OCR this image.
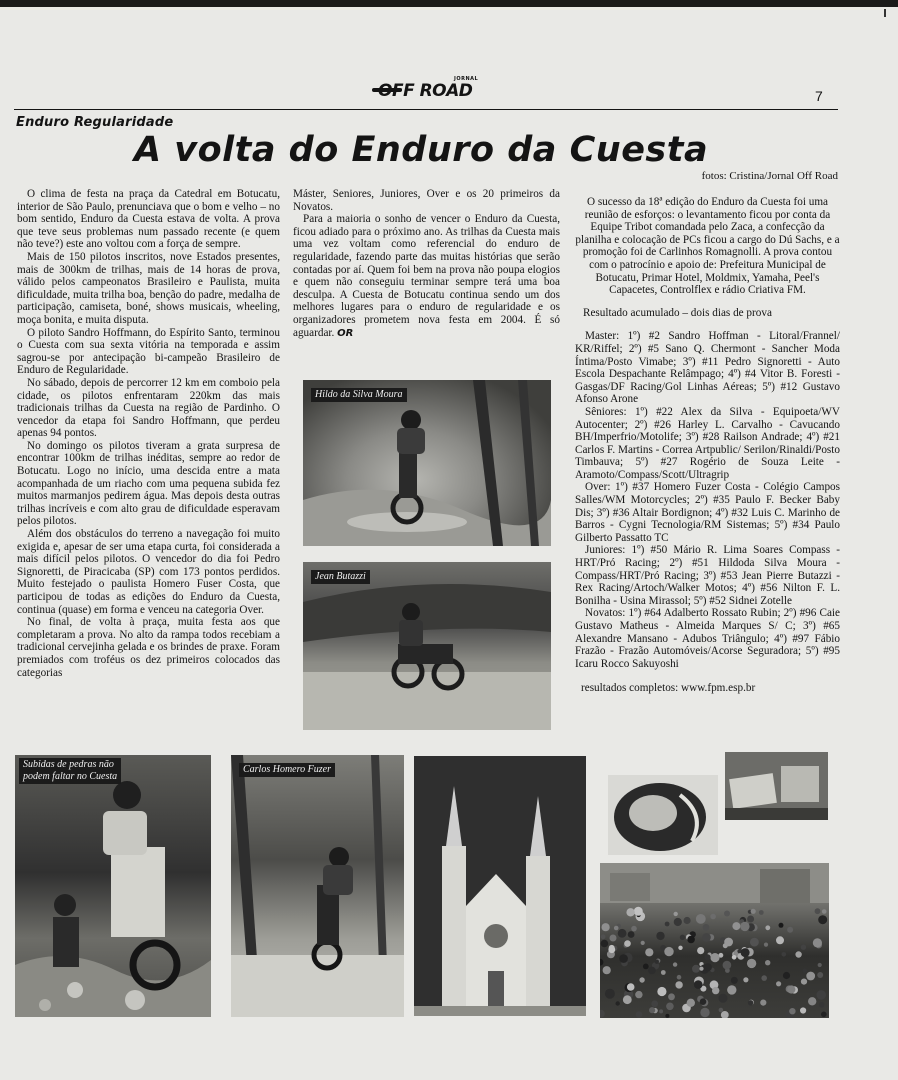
OFF ROAD
JORNAL
7
Enduro Regularidade
A volta do Enduro da Cuesta
fotos: Cristina/Jornal Off Road

O clima de festa na praça da Catedral em Botucatu, interior de São Paulo, prenunciava que o bom e velho – no bom sentido, Enduro da Cuesta estava de volta. A prova que teve seus problemas num passado recente (e quem não teve?) este ano voltou com a força de sempre.

Mais de 150 pilotos inscritos, nove Estados presentes, mais de 300km de trilhas, mais de 14 horas de prova, válido pelos campeonatos Brasileiro e Paulista, muita dificuldade, muita trilha boa, benção do padre, medalha de participação, camiseta, boné, shows musicais, wheeling, moça bonita, e muita disputa.

O piloto Sandro Hoffmann, do Espírito Santo, terminou o Cuesta com sua sexta vitória na temporada e assim sagrou-se por antecipação bi-campeão Brasileiro de Enduro de Regularidade.

No sábado, depois de percorrer 12 km em comboio pela cidade, os pilotos enfrentaram 220km das mais tradicionais trilhas da Cuesta na região de Pardinho. O vencedor da etapa foi Sandro Hoffmann, que perdeu apenas 94 pontos.

No domingo os pilotos tiveram a grata surpresa de encontrar 100km de trilhas inéditas, sempre ao redor de Botucatu. Logo no início, uma descida entre a mata acompanhada de um riacho com uma pequena subida fez muitos marmanjos pedirem água. Mas depois desta outras trilhas incríveis e com alto grau de dificuldade esperavam pelos pilotos.

Além dos obstáculos do terreno a navegação foi muito exigida e, apesar de ser uma etapa curta, foi considerada a mais difícil pelos pilotos. O vencedor do dia foi Pedro Signoretti, de Piracicaba (SP) com 173 pontos perdidos. Muito festejado o paulista Homero Fuser Costa, que participou de todas as edições do Enduro da Cuesta, continua (quase) em forma e venceu na categoria Over.

No final, de volta à praça, muita festa aos que completaram a prova. No alto da rampa todos recebiam a tradicional cervejinha gelada e os brindes de praxe. Foram premiados com troféus os dez primeiros colocados das categorias

Máster, Seniores, Juniores, Over e os 20 primeiros da Novatos.

Para a maioria o sonho de vencer o Enduro da Cuesta, ficou adiado para o próximo ano. As trilhas da Cuesta mais uma vez voltam como referencial do enduro de regularidade, fazendo parte das muitas histórias que serão contadas por aí. Quem foi bem na prova não poupa elogios e quem não conseguiu terminar sempre terá uma boa desculpa. A Cuesta de Botucatu continua sendo um dos melhores lugares para o enduro de regularidade e os organizadores prometem nova festa em 2004. É só aguardar. OR

O sucesso da 18ª edição do Enduro da Cuesta foi uma reunião de esforços: o levantamento ficou por conta da Equipe Tribot comandada pelo Zaca, a confecção da planilha e colocação de PCs ficou a cargo do Dú Sachs, e a promoção foi de Carlinhos Romagnolli. A prova contou com o patrocínio e apoio de: Prefeitura Municipal de Botucatu, Primar Hotel, Moldmix, Yamaha, Peel's Capacetes, Controlflex e rádio Criativa FM.

Resultado acumulado – dois dias de prova

Master: 1º) #2 Sandro Hoffman - Litoral/Frannel/ KR/Riffel; 2º) #5 Sano Q. Chermont - Sancher Moda Íntima/Posto Vimabe; 3º) #11 Pedro Signoretti - Auto Escola Despachante Relâmpago; 4º) #4 Vitor B. Foresti - Gasgas/DF Racing/Gol Linhas Aéreas; 5º) #12 Gustavo Afonso Arone

Sêniores: 1º) #22 Alex da Silva - Equipoeta/WV Autocenter; 2º) #26 Harley L. Carvalho - Cavucando BH/Imperfrio/Motolife; 3º) #28 Railson Andrade; 4º) #21 Carlos F. Martins - Correa Artpublic/ Serilon/Rinaldi/Posto Timbauva; 5º) #27 Rogério de Souza Leite - Aramoto/Compass/Scott/Ultragrip

Over: 1º) #37 Homero Fuzer Costa - Colégio Campos Salles/WM Motorcycles; 2º) #35 Paulo F. Becker Baby Dis; 3º) #36 Altair Bordignon; 4º) #32 Luis C. Marinho de Barros - Cygni Tecnologia/RM Sistemas; 5º) #34 Paulo Gilberto Passatto TC

Juniores: 1º) #50 Mário R. Lima Soares Compass - HRT/Pró Racing; 2º) #51 Hildoda Silva Moura - Compass/HRT/Pró Racing; 3º) #53 Jean Pierre Butazzi - Rex Racing/Artoch/Walker Motos; 4º) #56 Nilton F. L. Bonilha - Usina Mirassol; 5º) #52 Sidnei Zotelle

Novatos: 1º) #64 Adalberto Rossato Rubin; 2º) #96 Caie Gustavo Matheus - Almeida Marques S/ C; 3º) #65 Alexandre Mansano - Adubos Triângulo; 4º) #97 Fábio Frazão - Frazão Automóveis/Acorse Seguradora; 5º) #95 Icaru Rocco Sakuyoshi

resultados completos: www.fpm.esp.br

Hildo da Silva Moura
Jean Butazzi
Subidas de pedras não
podem faltar no Cuesta
Carlos Homero Fuzer
